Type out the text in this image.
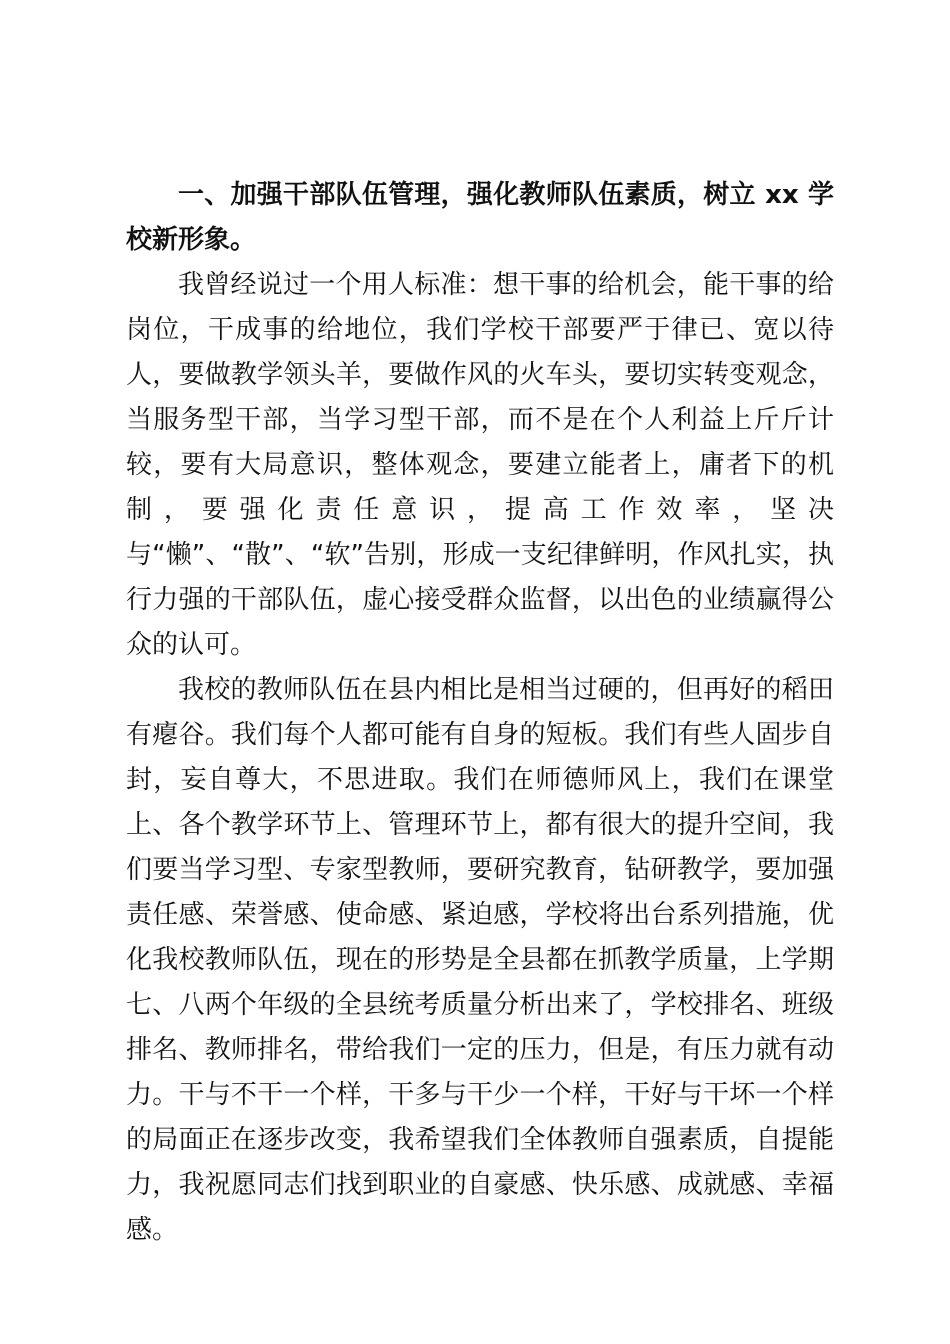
一、加强干部队伍管理，强化教师队伍素质，树立 xx 学校新形象。

我曾经说过一个用人标准：想干事的给机会，能干事的给岗位，干成事的给地位，我们学校干部要严于律已、宽以待人，要做教学领头羊，要做作风的火车头，要切实转变观念，当服务型干部，当学习型干部，而不是在个人利益上斤斤计较，要有大局意识，整体观念，要建立能者上，庸者下的机制，要强化责任意识，提高工作效率，坚决与“懒”、“散”、“软”告别，形成一支纪律鲜明，作风扎实，执行力强的干部队伍，虚心接受群众监督，以出色的业绩赢得公众的认可。

我校的教师队伍在县内相比是相当过硬的，但再好的稻田有瘪谷。我们每个人都可能有自身的短板。我们有些人固步自封，妄自尊大，不思进取。我们在师德师风上，我们在课堂上、各个教学环节上、管理环节上，都有很大的提升空间，我们要当学习型、专家型教师，要研究教育，钻研教学，要加强责任感、荣誉感、使命感、紧迫感，学校将出台系列措施，优化我校教师队伍，现在的形势是全县都在抓教学质量，上学期七、八两个年级的全县统考质量分析出来了，学校排名、班级排名、教师排名，带给我们一定的压力，但是，有压力就有动力。干与不干一个样，干多与干少一个样，干好与干坏一个样的局面正在逐步改变，我希望我们全体教师自强素质，自提能力，我祝愿同志们找到职业的自豪感、快乐感、成就感、幸福感。
